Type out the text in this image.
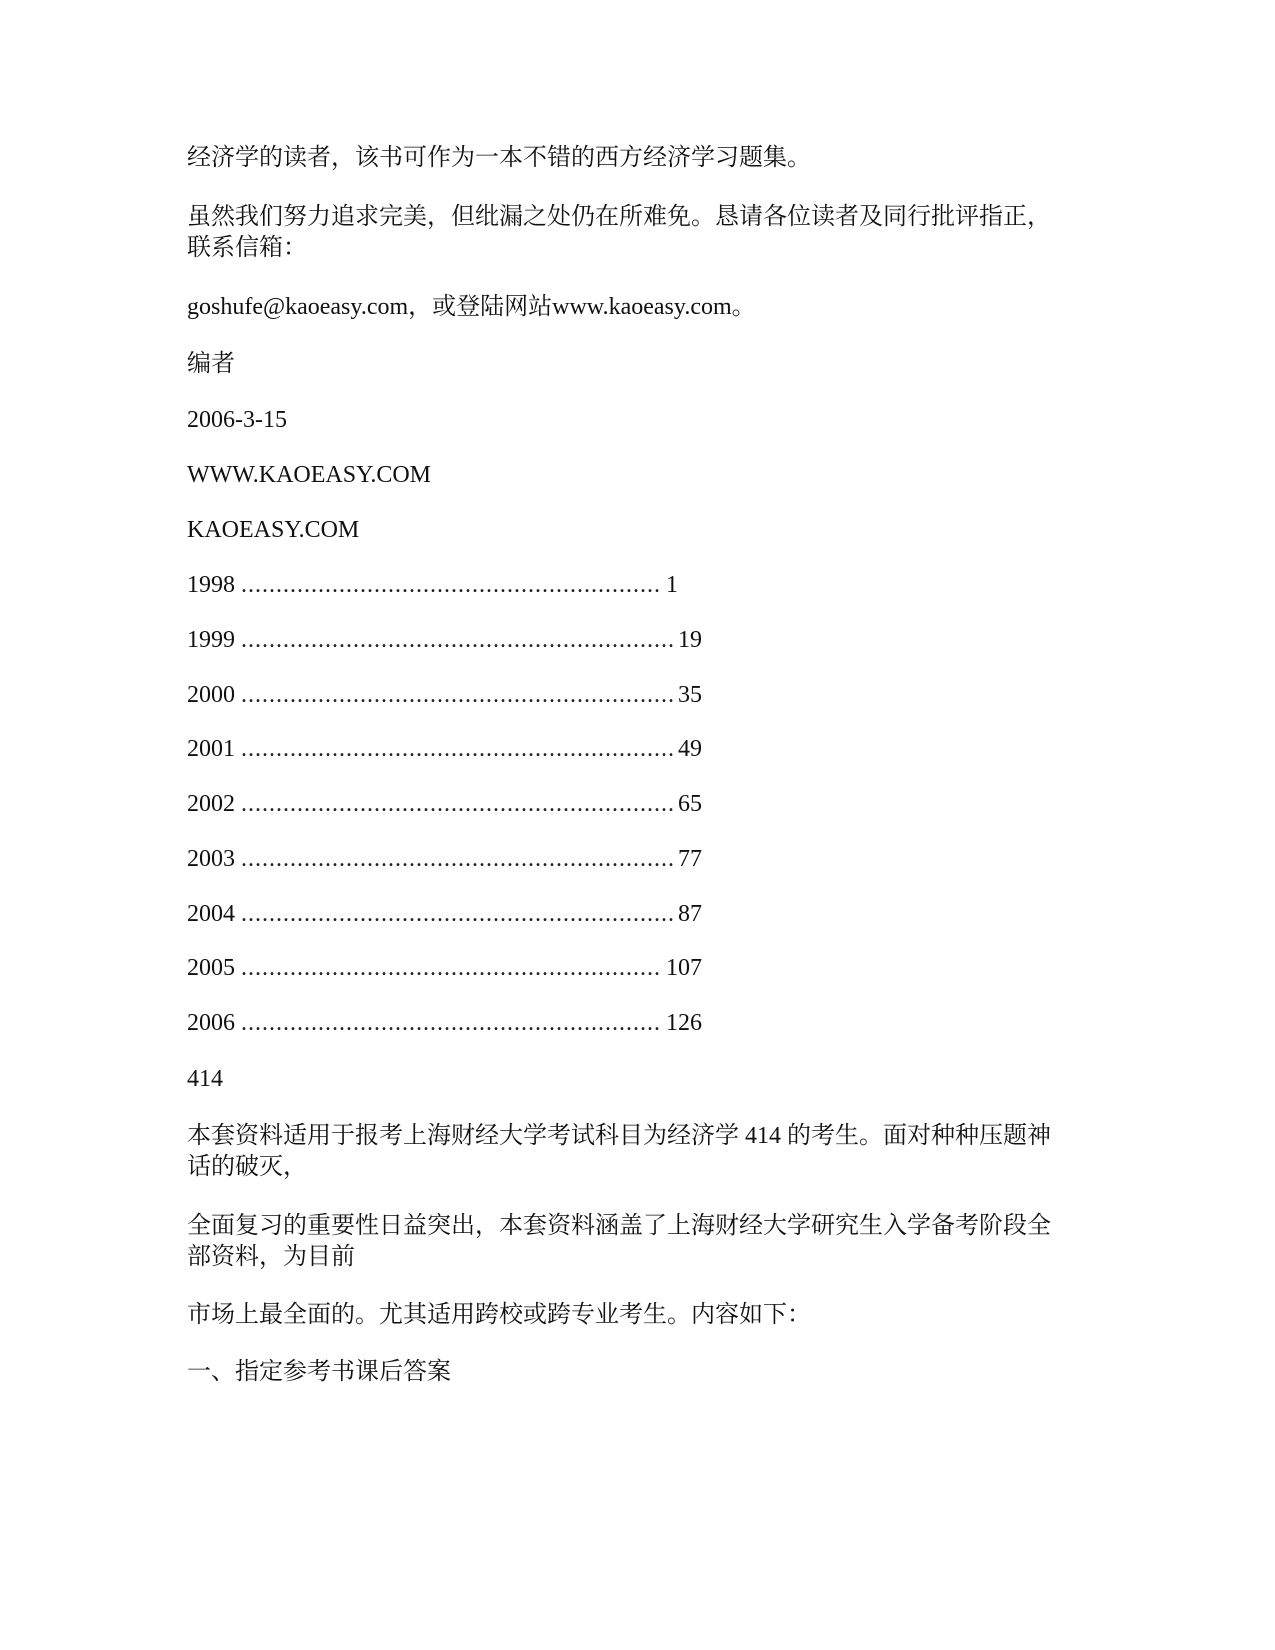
经济学的读者，该书可作为一本不错的西方经济学习题集。
虽然我们努力追求完美，但纰漏之处仍在所难免。恳请各位读者及同行批评指正，
联系信箱：
goshufe@kaoeasy.com，或登陆网站www.kaoeasy.com。
编者
2006-3-15
WWW.KAOEASY.COM
KAOEASY.COM
1998 .....	1
1999 .....	19
2000 .....	35
2001 .....	49
2002 .....	65
2003 .....	77
2004 .....	87
2005 .....	107
2006 .....	126
414
本套资料适用于报考上海财经大学考试科目为经济学 414 的考生。面对种种压题神
话的破灭，
全面复习的重要性日益突出，本套资料涵盖了上海财经大学研究生入学备考阶段全
部资料，为目前
市场上最全面的。尤其适用跨校或跨专业考生。内容如下：
一、指定参考书课后答案
